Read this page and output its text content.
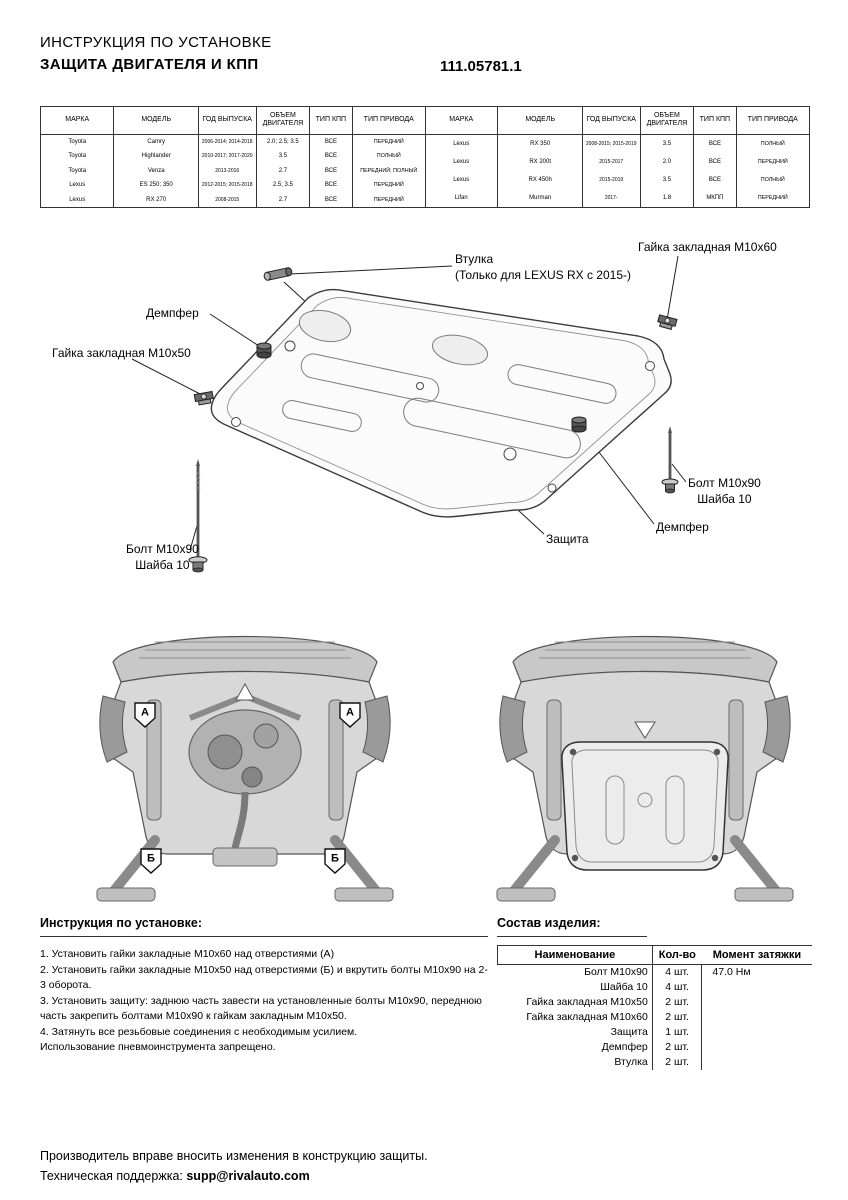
ИНСТРУКЦИЯ ПО УСТАНОВКЕ
ЗАЩИТА ДВИГАТЕЛЯ И КПП	111.05781.1
МАРКА	МОДЕЛЬ	ГОД ВЫПУСКА	ОБЪЕМ ДВИГАТЕЛЯ	ТИП КПП	ТИП ПРИВОДА
Toyota	Camry	2006-2014; 2014-2018	2.0; 2.5; 3.5	ВСЕ	ПЕРЕДНИЙ
Toyota	Highlander	2010-2017; 2017-2020	3.5	ВСЕ	ПОЛНЫЙ
Toyota	Venza	2013-2016	2.7	ВСЕ	ПЕРЕДНИЙ; ПОЛНЫЙ
Lexus	ES 250; 350	2012-2015; 2015-2018	2.5; 3.5	ВСЕ	ПЕРЕДНИЙ
Lexus	RX 270	2008-2015	2.7	ВСЕ	ПЕРЕДНИЙ
МАРКА	МОДЕЛЬ	ГОД ВЫПУСКА	ОБЪЕМ ДВИГАТЕЛЯ	ТИП КПП	ТИП ПРИВОДА
Lexus	RX 350	2008-2015; 2015-2019	3.5	ВСЕ	ПОЛНЫЙ
Lexus	RX 200t	2015-2017	2.0	ВСЕ	ПЕРЕДНИЙ
Lexus	RX 450h	2015-2019	3.5	ВСЕ	ПОЛНЫЙ
Lifan	Murman	2017-	1.8	МКПП	ПЕРЕДНИЙ
Гайка закладная М10х60
Втулка
(Только для LEXUS RX с 2015-)
Демпфер
Гайка закладная М10х50
Болт М10х90
Шайба 10
Демпфер
Защита
Болт М10х90
Шайба 10
А	А
Б	Б
Инструкция по установке:
1. Установить гайки закладные М10х60 над отверстиями (А)
2. Установить гайки закладные М10х50 над отверстиями (Б) и вкрутить болты М10х90 на 2-3 оборота.
3. Установить защиту: заднюю часть завести на установленные болты М10х90, переднюю часть закрепить болтами М10х90 к гайкам закладным М10х50.
4. Затянуть все резьбовые соединения с необходимым усилием.
Использование пневмоинструмента запрещено.
Состав изделия:
Наименование	Кол-во	Момент затяжки
Болт М10х90	4 шт.	47.0 Нм
Шайба 10	4 шт.	
Гайка закладная М10х50	2 шт.	
Гайка закладная М10х60	2 шт.	
Защита	1 шт.	
Демпфер	2 шт.	
Втулка	2 шт.	
Производитель вправе вносить изменения в конструкцию защиты.
Техническая поддержка: supp@rivalauto.com
